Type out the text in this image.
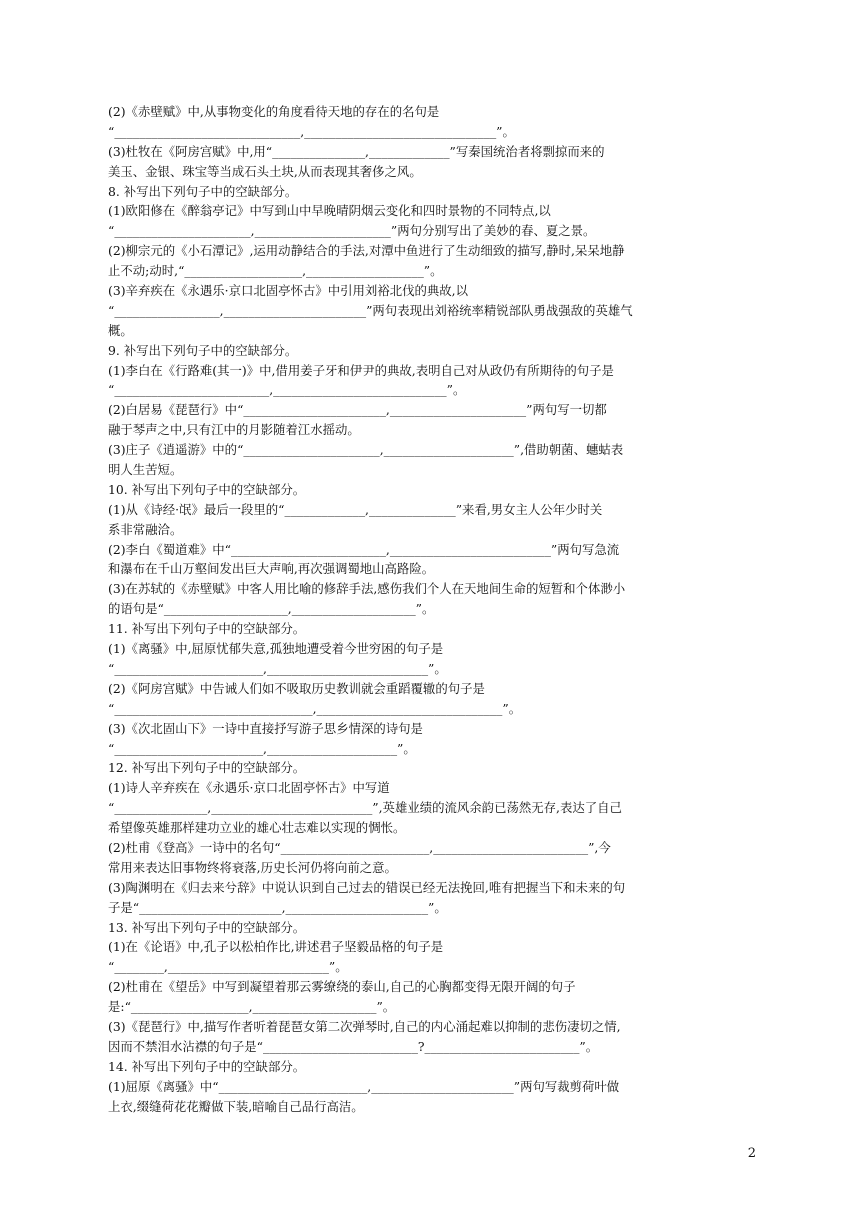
(2)《赤壁赋》中,从事物变化的角度看待天地的存在的名句是
“______________________________,_______________________________”。
(3)杜牧在《阿房宫赋》中,用“_______________,_____________”写秦国统治者将剽掠而来的
美玉、金银、珠宝等当成石头土块,从而表现其奢侈之风。
8. 补写出下列句子中的空缺部分。
(1)欧阳修在《醉翁亭记》中写到山中早晚晴阴烟云变化和四时景物的不同特点,以
“______________________,______________________”两句分别写出了美妙的春、夏之景。
(2)柳宗元的《小石潭记》,运用动静结合的手法,对潭中鱼进行了生动细致的描写,静时,呆呆地静
止不动;动时,“___________________,___________________”。
(3)辛弃疾在《永遇乐·京口北固亭怀古》中引用刘裕北伐的典故,以
“_________________,_______________________”两句表现出刘裕统率精锐部队勇战强敌的英雄气
概。
9. 补写出下列句子中的空缺部分。
(1)李白在《行路难(其一)》中,借用姜子牙和伊尹的典故,表明自己对从政仍有所期待的句子是
“_________________________,____________________________”。
(2)白居易《琵琶行》中“_______________________,______________________”两句写一切都
融于琴声之中,只有江中的月影随着江水摇动。
(3)庄子《逍遥游》中的“______________________,_____________________”,借助朝菌、蟪蛄表
明人生苦短。
10. 补写出下列句子中的空缺部分。
(1)从《诗经·氓》最后一段里的“_____________,______________”来看,男女主人公年少时关
系非常融洽。
(2)李白《蜀道难》中“_________________________,__________________________”两句写急流
和瀑布在千山万壑间发出巨大声响,再次强调蜀地山高路险。
(3)在苏轼的《赤壁赋》中客人用比喻的修辞手法,感伤我们个人在天地间生命的短暂和个体渺小
的语句是“____________________,____________________”。
11. 补写出下列句子中的空缺部分。
(1)《离骚》中,屈原忧郁失意,孤独地遭受着今世穷困的句子是
“________________________,__________________________”。
(2)《阿房宫赋》中告诫人们如不吸取历史教训就会重蹈覆辙的句子是
“________________________________,______________________________”。
(3)《次北固山下》一诗中直接抒写游子思乡情深的诗句是
“________________________,_____________________”。
12. 补写出下列句子中的空缺部分。
(1)诗人辛弃疾在《永遇乐·京口北固亭怀古》中写道
“_______________,__________________________”,英雄业绩的流风余韵已荡然无存,表达了自己
希望像英雄那样建功立业的雄心壮志难以实现的惆怅。
(2)杜甫《登高》一诗中的名句“________________________,_________________________”,今
常用来表达旧事物终将衰落,历史长河仍将向前之意。
(3)陶渊明在《归去来兮辞》中说认识到自己过去的错误已经无法挽回,唯有把握当下和未来的句
子是“_______________________,_______________________”。
13. 补写出下列句子中的空缺部分。
(1)在《论语》中,孔子以松柏作比,讲述君子坚毅品格的句子是
“________,__________________________”。
(2)杜甫在《望岳》中写到凝望着那云雾缭绕的泰山,自己的心胸都变得无限开阔的句子
是:“___________________,____________________”。
(3)《琵琶行》中,描写作者听着琵琶女第二次弹琴时,自己的内心涌起难以抑制的悲伤凄切之情,
因而不禁泪水沾襟的句子是“_________________________?_________________________”。
14. 补写出下列句子中的空缺部分。
(1)屈原《离骚》中“________________________,_______________________”两句写裁剪荷叶做
上衣,缀缝荷花花瓣做下装,暗喻自己品行高洁。
2
